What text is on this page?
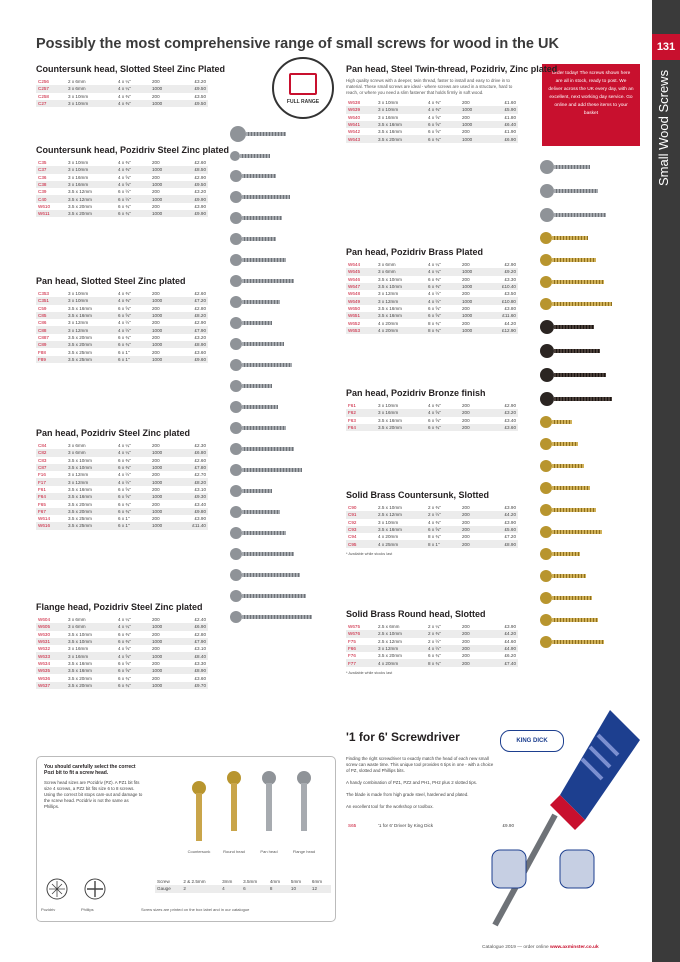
131
Small Wood Screws
Possibly the most comprehensive range of small screws for wood in the UK
FULL RANGE
Order today! The screws shown here are all in stock, ready to post. We deliver across the UK every day, with an excellent, next working day service. Go online and add these items to your basket
Countersunk head, Slotted Steel Zinc Plated
C256	2 x 6mm	4 x ¼"	200	£3.20
C257	3 x 6mm	4 x ¼"	1000	£9.50
C258	3 x 10mm	4 x ⅜"	200	£3.50
C27	3 x 10mm	4 x ⅜"	1000	£9.50
Countersunk head, Pozidriv Steel Zinc plated
C35	3 x 10mm	4 x ⅜"	200	£2.60
C37	3 x 10mm	4 x ⅜"	1000	£8.50
C36	3 x 16mm	4 x ⅝"	200	£2.90
C38	3 x 16mm	4 x ⅝"	1000	£9.50
C39	3.5 x 12mm	6 x ½"	200	£3.20
C40	3.5 x 12mm	6 x ½"	1000	£9.90
W610	3.5 x 20mm	6 x ¾"	200	£3.90
W611	3.5 x 20mm	6 x ¾"	1000	£9.90
Pan head, Slotted Steel Zinc plated
C353	3 x 10mm	4 x ⅜"	200	£2.60
C351	3 x 10mm	4 x ⅜"	1000	£7.20
C59	3.5 x 16mm	6 x ⅝"	200	£2.80
C85	3.5 x 16mm	6 x ⅝"	1000	£8.20
C86	3 x 12mm	4 x ½"	200	£2.90
C88	3 x 12mm	4 x ½"	1000	£7.90
C887	3.5 x 20mm	6 x ¾"	200	£3.20
C89	3.5 x 20mm	6 x ¾"	1000	£8.90
F88	3.5 x 25mm	6 x 1"	200	£3.60
F89	3.5 x 25mm	6 x 1"	1000	£9.60
Pan head, Pozidriv Steel Zinc plated
C84	3 x 6mm	4 x ¼"	200	£2.30
C82	3 x 6mm	4 x ¼"	1000	£6.80
C83	3.5 x 10mm	6 x ⅜"	200	£2.60
C87	3.5 x 10mm	6 x ⅜"	1000	£7.80
F16	3 x 12mm	4 x ½"	200	£2.70
F17	3 x 12mm	4 x ½"	1000	£8.20
F61	3.5 x 16mm	6 x ⅝"	200	£3.10
F64	3.5 x 16mm	6 x ⅝"	1000	£9.30
F65	3.5 x 20mm	6 x ¾"	200	£3.40
F67	3.5 x 20mm	6 x ¾"	1000	£9.80
W614	3.5 x 25mm	6 x 1"	200	£3.90
W616	3.5 x 25mm	6 x 1"	1000	£11.40
Flange head, Pozidriv Steel Zinc plated
W604	3 x 6mm	4 x ¼"	200	£2.40
W605	3 x 6mm	4 x ¼"	1000	£6.90
W630	3.5 x 10mm	6 x ⅜"	200	£2.80
W631	3.5 x 10mm	6 x ⅜"	1000	£7.90
W632	3 x 16mm	4 x ⅝"	200	£3.10
W633	3 x 16mm	4 x ⅝"	1000	£8.40
W634	3.5 x 16mm	6 x ⅝"	200	£3.30
W635	3.5 x 16mm	6 x ⅝"	1000	£8.90
W636	3.5 x 20mm	6 x ¾"	200	£3.60
W637	3.5 x 20mm	6 x ¾"	1000	£9.70
Pan head, Steel Twin-thread, Pozidriv, Zinc plated
High quality screws with a deeper, twin thread, faster to install and easy to drive in to material. These small screws are ideal - where screws are used in a structure, hard to reach, or where you need a slim fastener that holds firmly in soft wood.
W638	3 x 10mm	4 x ⅜"	200	£1.60
W639	3 x 10mm	4 x ⅜"	1000	£5.90
W640	3 x 16mm	4 x ⅝"	200	£1.80
W641	3.5 x 16mm	6 x ⅝"	1000	£6.40
W642	3.5 x 16mm	6 x ⅝"	200	£1.90
W643	3.5 x 20mm	6 x ¾"	1000	£6.90
Pan head, Pozidriv Brass Plated
W644	3 x 6mm	4 x ¼"	200	£2.90
W645	3 x 6mm	4 x ¼"	1000	£9.20
W646	3.5 x 10mm	6 x ⅜"	200	£3.30
W647	3.5 x 10mm	6 x ⅜"	1000	£10.40
W648	3 x 12mm	4 x ½"	200	£3.50
W649	3 x 12mm	4 x ½"	1000	£10.80
W650	3.5 x 16mm	6 x ⅝"	200	£3.80
W651	3.5 x 16mm	6 x ⅝"	1000	£11.60
W652	4 x 20mm	8 x ¾"	200	£4.20
W653	4 x 20mm	8 x ¾"	1000	£12.90
Pan head, Pozidriv Bronze finish
F61	3 x 10mm	4 x ⅜"	200	£2.90
F62	3 x 16mm	4 x ⅝"	200	£3.20
F63	3.5 x 16mm	6 x ⅝"	200	£3.40
F64	3.5 x 20mm	6 x ¾"	200	£3.60
Solid Brass Countersunk, Slotted
C90	2.5 x 10mm	2 x ⅜"	200	£3.90
C91	2.5 x 12mm	2 x ½"	200	£4.20
C92	3 x 10mm	4 x ⅜"	200	£3.90
C93	3.5 x 16mm	6 x ⅝"	200	£5.60
C94	4 x 20mm	8 x ¾"	200	£7.20
C95	4 x 25mm	8 x 1"	200	£8.90
* Available while stocks last
Solid Brass Round head, Slotted
W675	2.5 x 6mm	2 x ¼"	200	£3.90
W676	2.5 x 10mm	2 x ⅜"	200	£4.20
F75	2.5 x 12mm	2 x ½"	200	£4.60
F66	3 x 12mm	4 x ½"	200	£4.90
F76	3.5 x 20mm	6 x ¾"	200	£6.20
F77	4 x 20mm	8 x ¾"	200	£7.40
* Available while stocks last
You should carefully select the correct Pozi bit to fit a screw head.
Screw head sizes are Pozidriv (PZ). A PZ1 bit fits size 4 screws, a PZ2 bit fits size 6 to 8 screws. Using the correct bit stops cam-out and damage to the screw head. Pozidriv is not the same as Phillips.
Countersunk	Round head	Pan head	Flange head
Screw	2 & 2.5mm	3mm	3.5mm	4mm	5mm	6mm
Gauge	2	4	6	8	10	12
Pozidriv	Phillips	Screw sizes are printed on the box label and in our catalogue
'1 for 6' Screwdriver

Finding the right screwdriver to exactly match the head of each new small screw can waste time. This unique tool provides 6 tips in one - with a choice of PZ, slotted and Phillips bits.

A handy combination of PZ1, PZ2 and PH1, PH2 plus 2 slotted tips.

The blade is made from high grade steel, hardened and plated.

An excellent tool for the workshop or toolbox.

S65	'1 for 6' Driver by King Dick	£9.90
KING DICK
Catalogue 2019 — order online www.axminster.co.uk
